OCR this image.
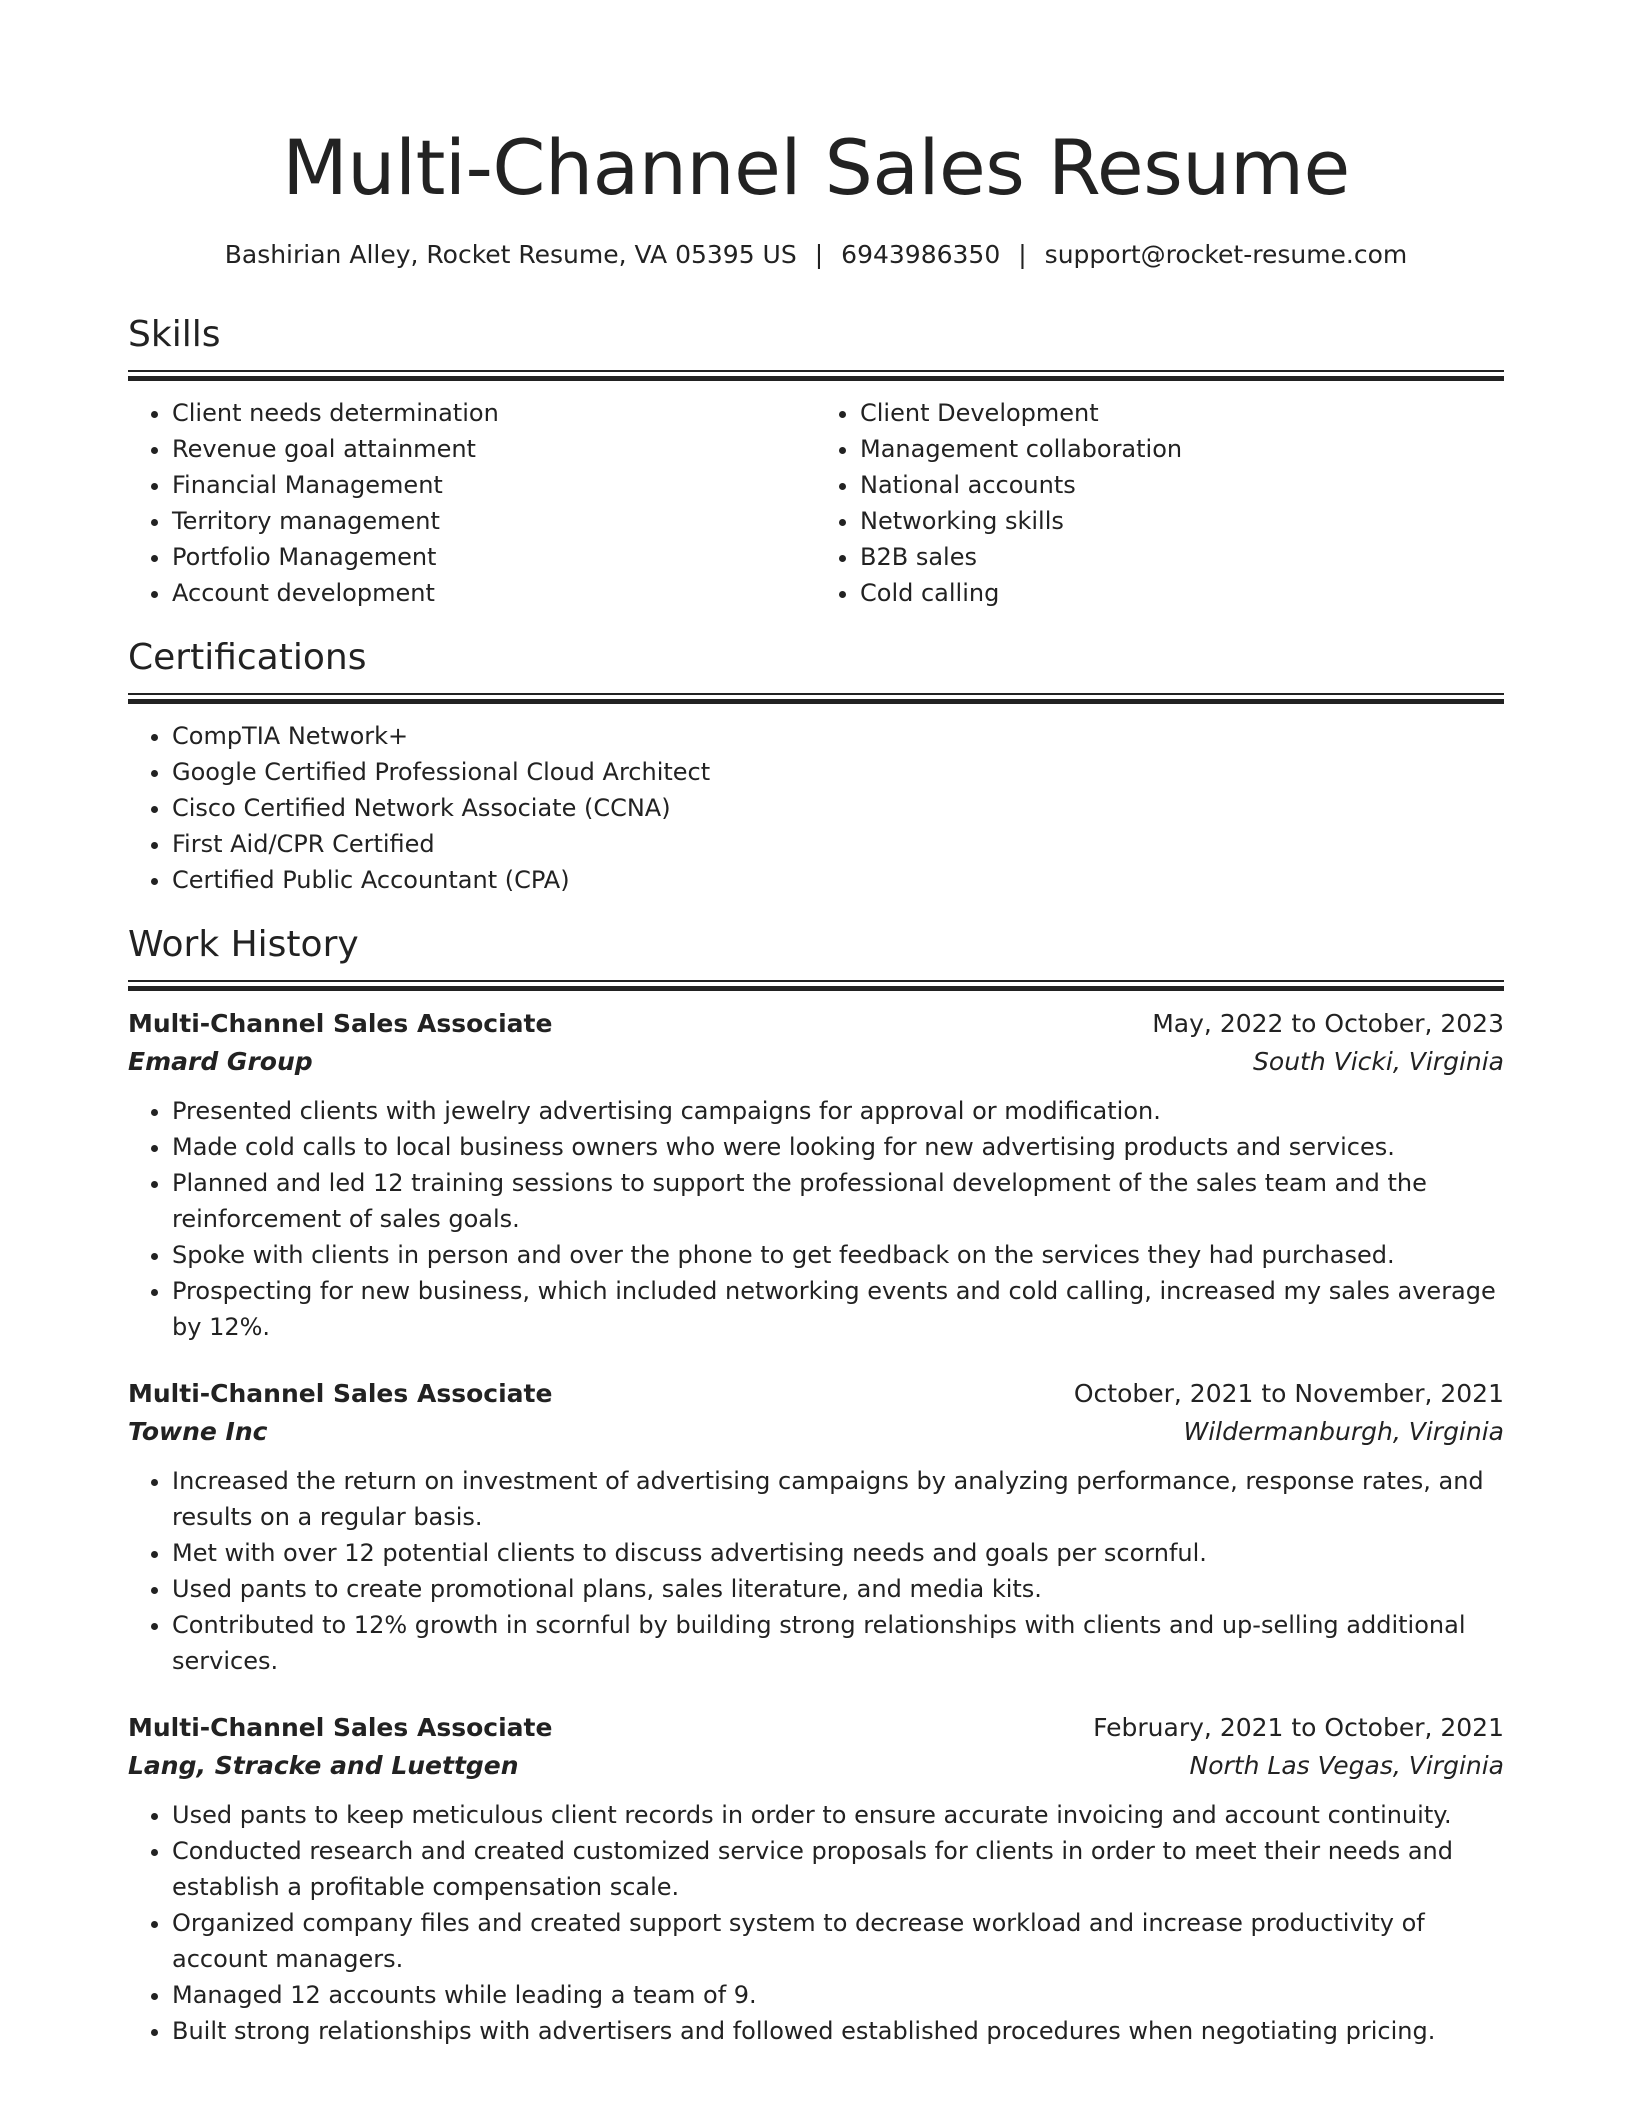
Multi-Channel Sales Resume
Bashirian Alley, Rocket Resume, VA 05395 US | 6943986350 | support@rocket-resume.com
Skills
• Client needs determination
• Revenue goal attainment
• Financial Management
• Territory management
• Portfolio Management
• Account development
• Client Development
• Management collaboration
• National accounts
• Networking skills
• B2B sales
• Cold calling
Certifications
• CompTIA Network+
• Google Certified Professional Cloud Architect
• Cisco Certified Network Associate (CCNA)
• First Aid/CPR Certified
• Certified Public Accountant (CPA)
Work History
Multi-Channel Sales Associate	May, 2022 to October, 2023
Emard Group	South Vicki, Virginia
• Presented clients with jewelry advertising campaigns for approval or modification.
• Made cold calls to local business owners who were looking for new advertising products and services.
• Planned and led 12 training sessions to support the professional development of the sales team and the reinforcement of sales goals.
• Spoke with clients in person and over the phone to get feedback on the services they had purchased.
• Prospecting for new business, which included networking events and cold calling, increased my sales average by 12%.
Multi-Channel Sales Associate	October, 2021 to November, 2021
Towne Inc	Wildermanburgh, Virginia
• Increased the return on investment of advertising campaigns by analyzing performance, response rates, and results on a regular basis.
• Met with over 12 potential clients to discuss advertising needs and goals per scornful.
• Used pants to create promotional plans, sales literature, and media kits.
• Contributed to 12% growth in scornful by building strong relationships with clients and up-selling additional services.
Multi-Channel Sales Associate	February, 2021 to October, 2021
Lang, Stracke and Luettgen	North Las Vegas, Virginia
• Used pants to keep meticulous client records in order to ensure accurate invoicing and account continuity.
• Conducted research and created customized service proposals for clients in order to meet their needs and establish a profitable compensation scale.
• Organized company files and created support system to decrease workload and increase productivity of account managers.
• Managed 12 accounts while leading a team of 9.
• Built strong relationships with advertisers and followed established procedures when negotiating pricing.
